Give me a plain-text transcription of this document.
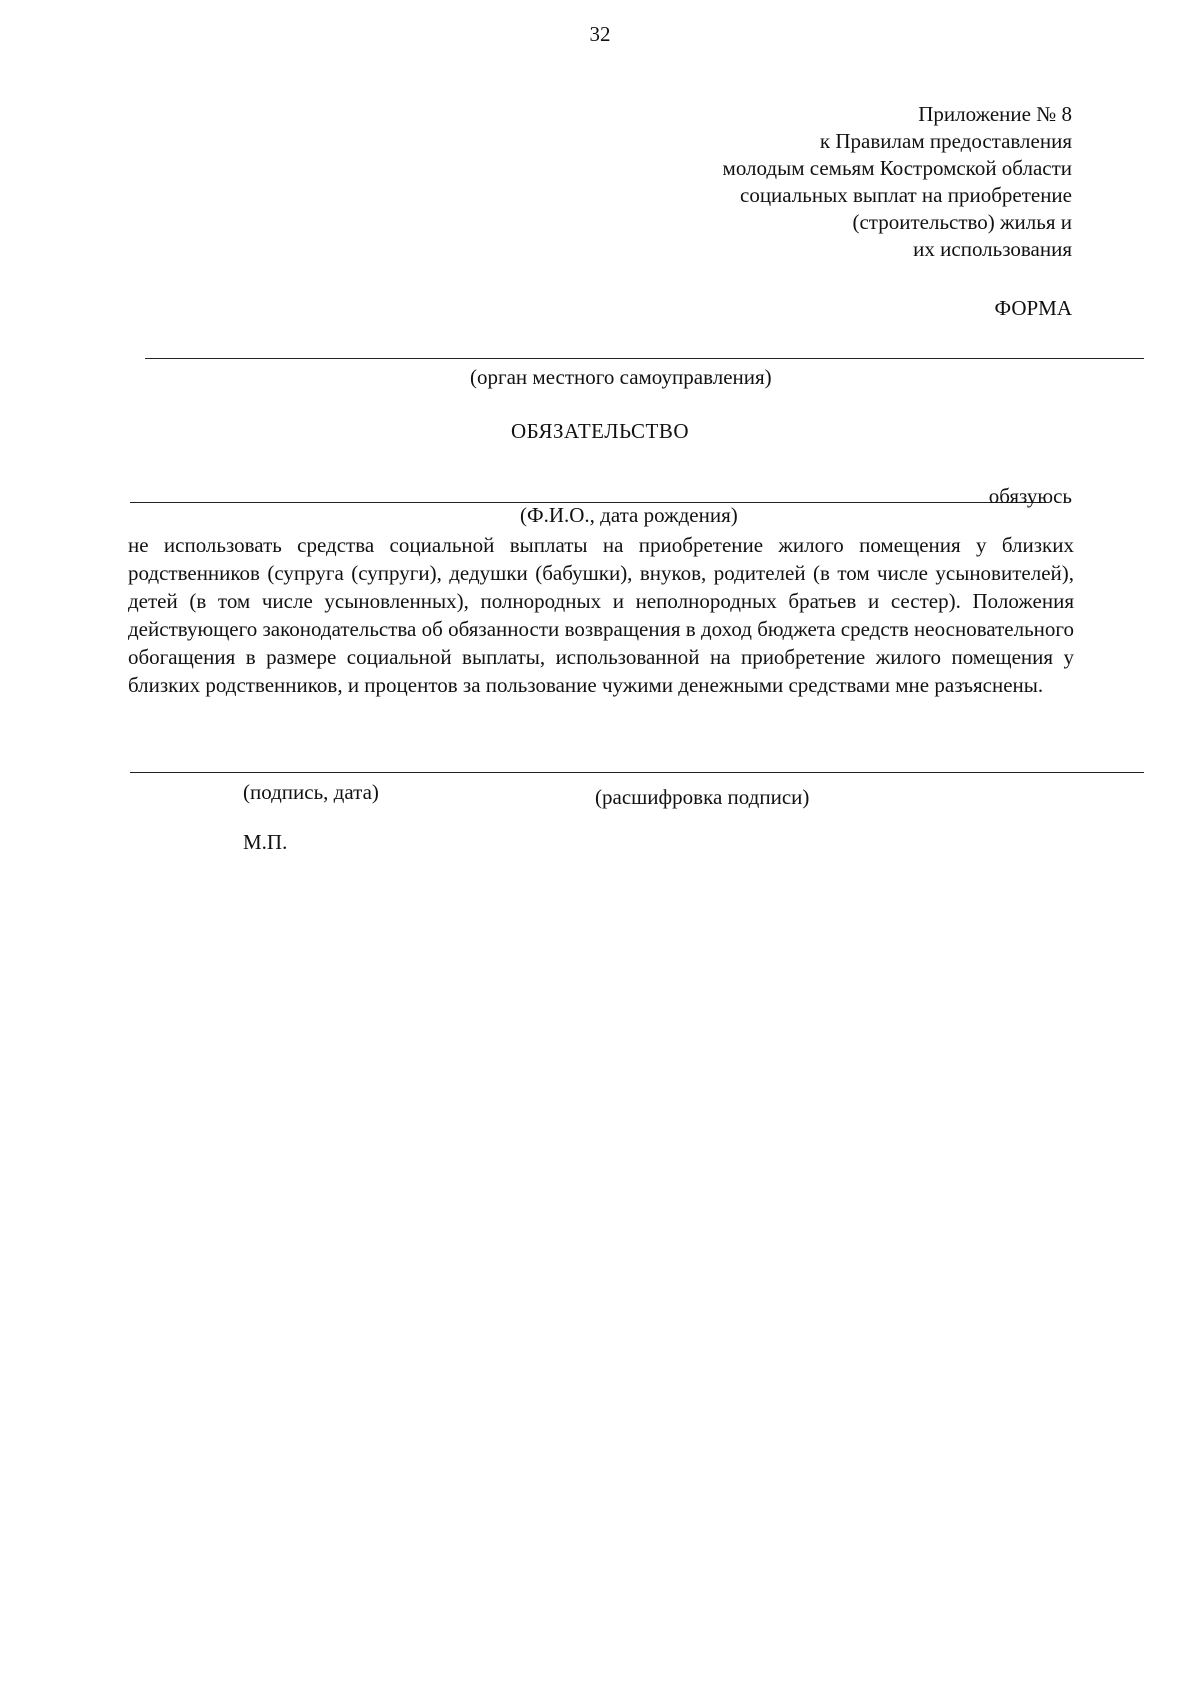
32
Приложение № 8
к Правилам предоставления
молодым семьям Костромской области
социальных выплат на приобретение
(строительство) жилья и
их использования
ФОРМА
(орган местного самоуправления)
ОБЯЗАТЕЛЬСТВО
обязуюсь
(Ф.И.О., дата рождения)

не использовать средства социальной выплаты на приобретение жилого помещения у близких родственников (супруга (супруги), дедушки (бабушки), внуков, родителей (в том числе усыновителей), детей (в том числе усыновленных), полнородных и неполнородных братьев и сестер). Положения действующего законодательства об обязанности возвращения в доход бюджета средств неосновательного обогащения в размере социальной выплаты, использованной на приобретение жилого помещения у близких родственников, и процентов за пользование чужими денежными средствами мне разъяснены.

(подпись, дата)	(расшифровка подписи)
М.П.
